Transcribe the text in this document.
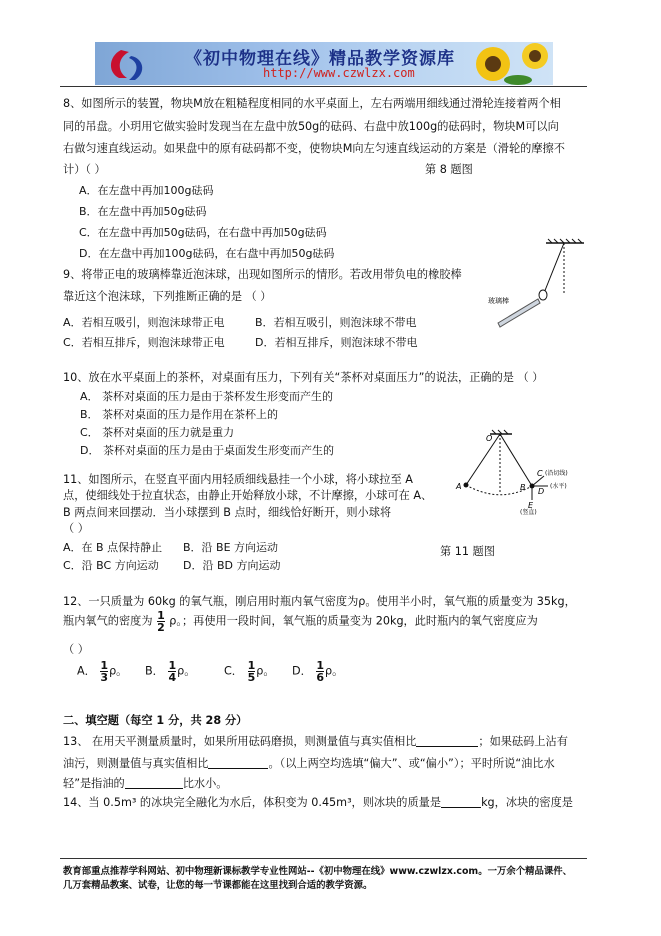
《初中物理在线》精品教学资源库
http://www.czwlzx.com
8、如图所示的装置，物块M放在粗糙程度相同的水平桌面上，左右两端用细线通过滑轮连接着两个相
同的吊盘。小玥用它做实验时发现当在左盘中放50g的砝码、右盘中放100g的砝码时，物块M可以向
右做匀速直线运动。如果盘中的原有砝码都不变，使物块M向左匀速直线运动的方案是（滑轮的摩擦不
计）（ ）	第 8 题图
A．在左盘中再加100g砝码
B．在左盘中再加50g砝码
C．在左盘中再加50g砝码，在右盘中再加50g砝码
D．在左盘中再加100g砝码，在右盘中再加50g砝码
玻璃棒
9、将带正电的玻璃棒靠近泡沫球，出现如图所示的情形。若改用带负电的橡胶棒
靠近这个泡沫球，下列推断正确的是 （ ）
A．若相互吸引，则泡沫球带正电	B．若相互吸引，则泡沫球不带电
C．若相互排斥，则泡沫球带正电	D．若相互排斥，则泡沫球不带电
10、放在水平桌面上的茶杯，对桌面有压力，下列有关“茶杯对桌面压力”的说法，正确的是 （ ）
A． 茶杯对桌面的压力是由于茶杯发生形变而产生的
B． 茶杯对桌面的压力是作用在茶杯上的
C． 茶杯对桌面的压力就是重力
D． 茶杯对桌面的压力是由于桌面发生形变而产生的
O
A	B
C (沿切线)
D
(水平)
E
(竖直)
11、如图所示，在竖直平面内用轻质细线悬挂一个小球，将小球拉至 A
点，使细线处于拉直状态，由静止开始释放小球，不计摩擦，小球可在 A、
B 两点间来回摆动．当小球摆到 B 点时，细线恰好断开，则小球将
（ ）
A．在 B 点保持静止 B．沿 BE 方向运动
C．沿 BC 方向运动 D．沿 BD 方向运动
第 11 题图
12、一只质量为 60kg 的氧气瓶，刚启用时瓶内氧气密度为ρ。使用半小时，氧气瓶的质量变为 35kg，
瓶内氧气的密度为 $\frac{1}{2}$ ρ。；再使用一段时间，氧气瓶的质量变为 20kg，此时瓶内的氧气密度应为
（ ）
A． $\frac{1}{3}$ ρ。 B． $\frac{1}{4}$ ρ。	C． $\frac{1}{5}$ ρ。 D． $\frac{1}{6}$ ρ。
二、填空题（每空 1 分，共 28 分）
13、 在用天平测量质量时，如果所用砝码磨损，则测量值与真实值相比	；如果砝码上沾有
油污，则测量值与真实值相比	。（以上两空均选填“偏大”、或“偏小”）；平时所说“油比水
轻”是指油的	比水小。
14、当 0.5m³ 的冰块完全融化为水后，体积变为 0.45m³，则冰块的质量是	kg，冰块的密度是
教育部重点推荐学科网站、初中物理新课标教学专业性网站--《初中物理在线》www.czwlzx.com。一万余个精品课件、
几万套精品教案、试卷，让您的每一节课都能在这里找到合适的教学资源。
